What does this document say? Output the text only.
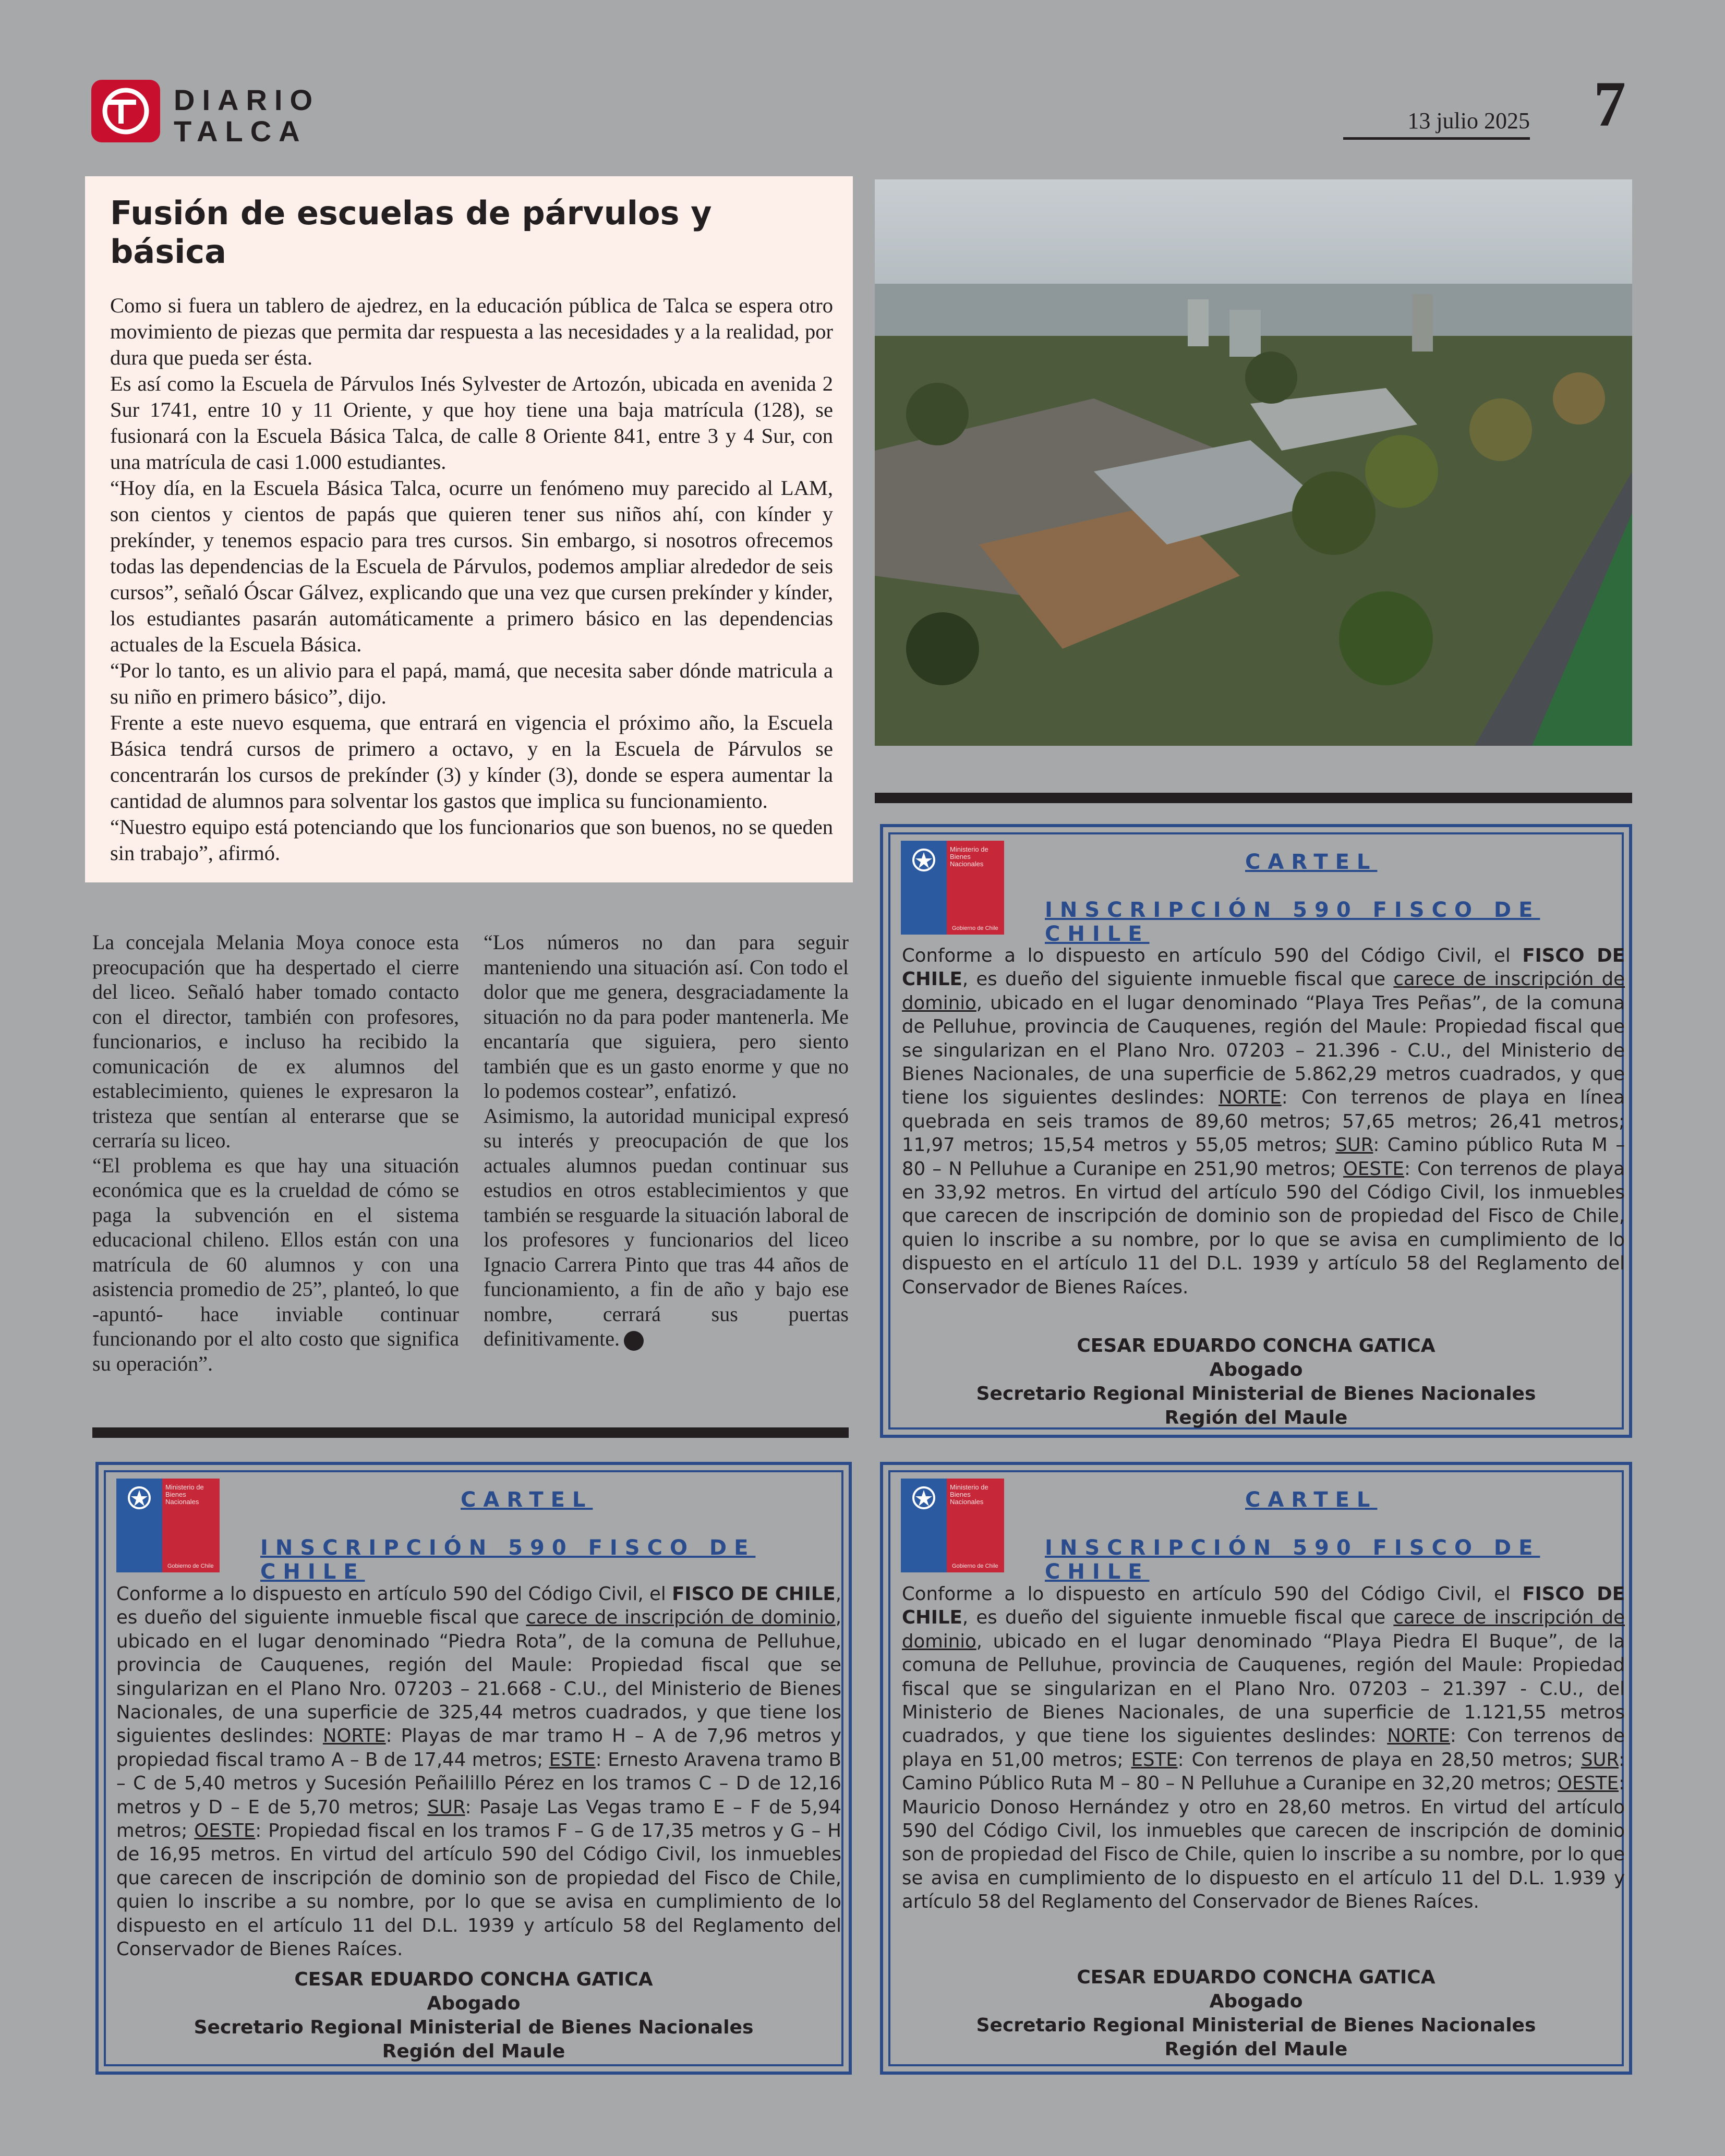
DIARIO
TALCA	13 julio 2025 7
Fusión de escuelas de párvulos y básica

Como si fuera un tablero de ajedrez, en la educación pública de Talca se espera otro movimiento de piezas que permita dar respuesta a las necesidades y a la realidad, por dura que pueda ser ésta.

Es así como la Escuela de Párvulos Inés Sylvester de Artozón, ubicada en avenida 2 Sur 1741, entre 10 y 11 Oriente, y que hoy tiene una baja matrícula (128), se fusionará con la Escuela Básica Talca, de calle 8 Oriente 841, entre 3 y 4 Sur, con una matrícula de casi 1.000 estudiantes.

“Hoy día, en la Escuela Básica Talca, ocurre un fenómeno muy parecido al LAM, son cientos y cientos de papás que quieren tener sus niños ahí, con kínder y prekínder, y tenemos espacio para tres cursos. Sin embargo, si nosotros ofrecemos todas las dependencias de la Escuela de Párvulos, podemos ampliar alrededor de seis cursos”, señaló Óscar Gálvez, explicando que una vez que cursen prekínder y kínder, los estudiantes pasarán automáticamente a primero básico en las dependencias actuales de la Escuela Básica.

“Por lo tanto, es un alivio para el papá, mamá, que necesita saber dónde matricula a su niño en primero básico”, dijo.

Frente a este nuevo esquema, que entrará en vigencia el próximo año, la Escuela Básica tendrá cursos de primero a octavo, y en la Escuela de Párvulos se concentrarán los cursos de prekínder (3) y kínder (3), donde se espera aumentar la cantidad de alumnos para solventar los gastos que implica su funcionamiento.

“Nuestro equipo está potenciando que los funcionarios que son buenos, no se queden sin trabajo”, afirmó.

La concejala Melania Moya conoce esta preocupación que ha despertado el cierre del liceo. Señaló haber tomado contacto con el director, también con profesores, funcionarios, e incluso ha recibido la comunicación de ex alumnos del establecimiento, quienes le expresaron la tristeza que sentían al enterarse que se cerraría su liceo.

“El problema es que hay una situación económica que es la crueldad de cómo se paga la subvención en el sistema educacional chileno. Ellos están con una matrícula de 60 alumnos y con una asistencia promedio de 25”, planteó, lo que -apuntó- hace inviable continuar funcionando por el alto costo que significa su operación”.

“Los números no dan para seguir manteniendo una situación así. Con todo el dolor que me genera, desgraciadamente la situación no da para poder mantenerla. Me encantaría que siguiera, pero siento también que es un gasto enorme y que no lo podemos costear”, enfatizó.

Asimismo, la autoridad municipal expresó su interés y preocupación de que los actuales alumnos puedan continuar sus estudios en otros establecimientos y que también se resguarde la situación laboral de los profesores y funcionarios del liceo Ignacio Carrera Pinto que tras 44 años de funcionamiento, a fin de año y bajo ese nombre, cerrará sus puertas definitivamente.

Ministerio de Bienes Nacionales
Gobierno de Chile
CARTEL
INSCRIPCIÓN 590 FISCO DE CHILE

Conforme a lo dispuesto en artículo 590 del Código Civil, el FISCO DE CHILE, es dueño del siguiente inmueble fiscal que carece de inscripción de dominio, ubicado en el lugar denominado “Playa Tres Peñas”, de la comuna de Pelluhue, provincia de Cauquenes, región del Maule: Propiedad fiscal que se singularizan en el Plano Nro. 07203 – 21.396 - C.U., del Ministerio de Bienes Nacionales, de una superficie de 5.862,29 metros cuadrados, y que tiene los siguientes deslindes: NORTE: Con terrenos de playa en línea quebrada en seis tramos de 89,60 metros; 57,65 metros; 26,41 metros; 11,97 metros; 15,54 metros y 55,05 metros; SUR: Camino público Ruta M – 80 – N Pelluhue a Curanipe en 251,90 metros; OESTE: Con terrenos de playa en 33,92 metros. En virtud del artículo 590 del Código Civil, los inmuebles que carecen de inscripción de dominio son de propiedad del Fisco de Chile, quien lo inscribe a su nombre, por lo que se avisa en cumplimiento de lo dispuesto en el artículo 11 del D.L. 1939 y artículo 58 del Reglamento del Conservador de Bienes Raíces.

CESAR EDUARDO CONCHA GATICA
Abogado
Secretario Regional Ministerial de Bienes Nacionales
Región del Maule
Ministerio de Bienes Nacionales
Gobierno de Chile
CARTEL
INSCRIPCIÓN 590 FISCO DE CHILE

Conforme a lo dispuesto en artículo 590 del Código Civil, el FISCO DE CHILE, es dueño del siguiente inmueble fiscal que carece de inscripción de dominio, ubicado en el lugar denominado “Piedra Rota”, de la comuna de Pelluhue, provincia de Cauquenes, región del Maule: Propiedad fiscal que se singularizan en el Plano Nro. 07203 – 21.668 - C.U., del Ministerio de Bienes Nacionales, de una superficie de 325,44 metros cuadrados, y que tiene los siguientes deslindes: NORTE: Playas de mar tramo H – A de 7,96 metros y propiedad fiscal tramo A – B de 17,44 metros; ESTE: Ernesto Aravena tramo B – C de 5,40 metros y Sucesión Peñailillo Pérez en los tramos C – D de 12,16 metros y D – E de 5,70 metros; SUR: Pasaje Las Vegas tramo E – F de 5,94 metros; OESTE: Propiedad fiscal en los tramos F – G de 17,35 metros y G – H de 16,95 metros. En virtud del artículo 590 del Código Civil, los inmuebles que carecen de inscripción de dominio son de propiedad del Fisco de Chile, quien lo inscribe a su nombre, por lo que se avisa en cumplimiento de lo dispuesto en el artículo 11 del D.L. 1939 y artículo 58 del Reglamento del Conservador de Bienes Raíces.

CESAR EDUARDO CONCHA GATICA
Abogado
Secretario Regional Ministerial de Bienes Nacionales
Región del Maule
Ministerio de Bienes Nacionales
Gobierno de Chile
CARTEL
INSCRIPCIÓN 590 FISCO DE CHILE

Conforme a lo dispuesto en artículo 590 del Código Civil, el FISCO DE CHILE, es dueño del siguiente inmueble fiscal que carece de inscripción de dominio, ubicado en el lugar denominado “Playa Piedra El Buque”, de la comuna de Pelluhue, provincia de Cauquenes, región del Maule: Propiedad fiscal que se singularizan en el Plano Nro. 07203 – 21.397 - C.U., del Ministerio de Bienes Nacionales, de una superficie de 1.121,55 metros cuadrados, y que tiene los siguientes deslindes: NORTE: Con terrenos de playa en 51,00 metros; ESTE: Con terrenos de playa en 28,50 metros; SUR: Camino Público Ruta M – 80 – N Pelluhue a Curanipe en 32,20 metros; OESTE: Mauricio Donoso Hernández y otro en 28,60 metros. En virtud del artículo 590 del Código Civil, los inmuebles que carecen de inscripción de dominio son de propiedad del Fisco de Chile, quien lo inscribe a su nombre, por lo que se avisa en cumplimiento de lo dispuesto en el artículo 11 del D.L. 1.939 y artículo 58 del Reglamento del Conservador de Bienes Raíces.

CESAR EDUARDO CONCHA GATICA
Abogado
Secretario Regional Ministerial de Bienes Nacionales
Región del Maule
